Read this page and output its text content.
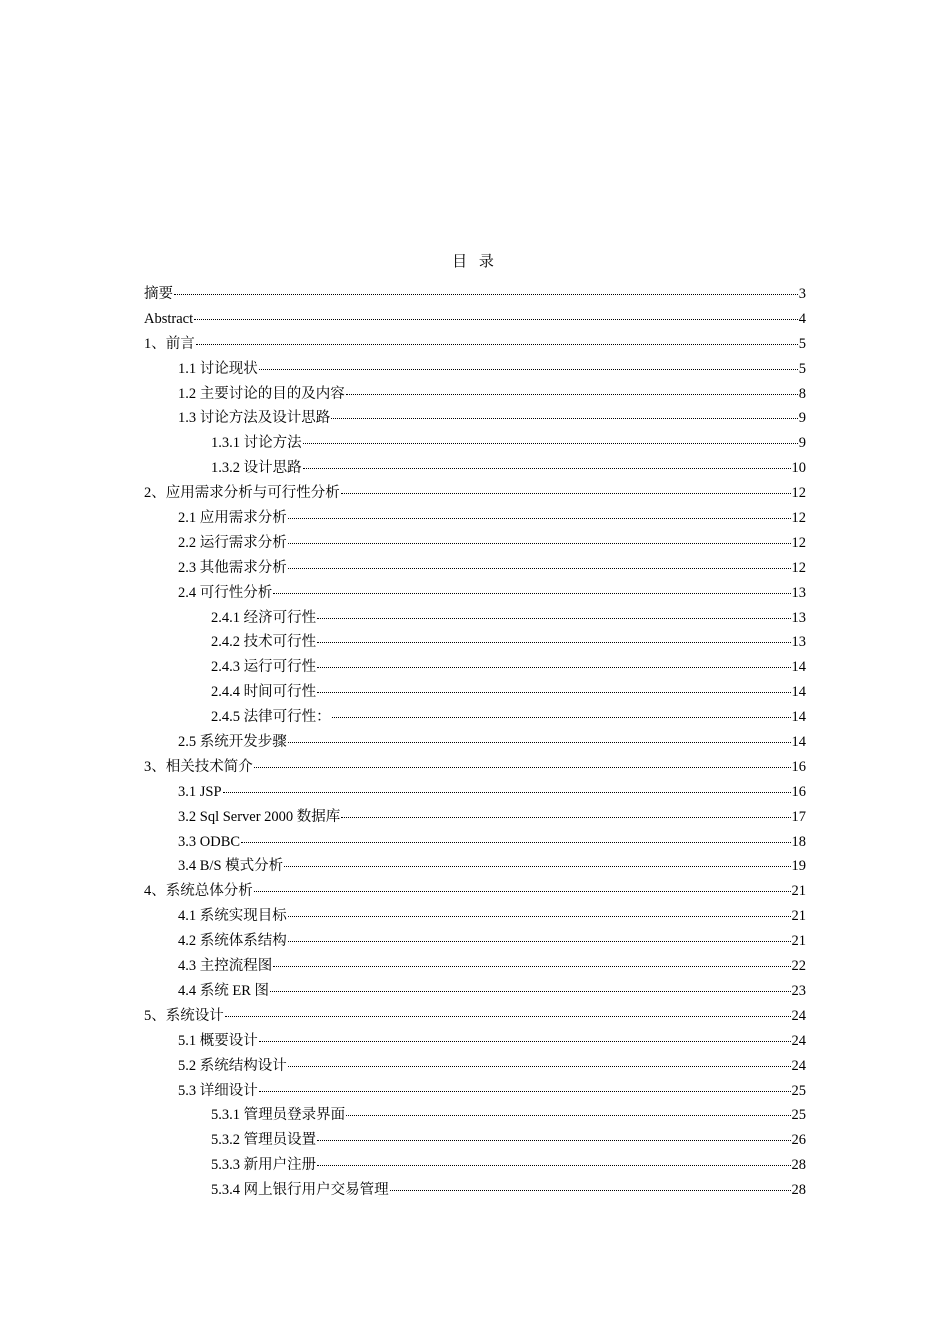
目 录
摘要	3
Abstract	4
1、前言	5
1.1 讨论现状	5
1.2 主要讨论的目的及内容	8
1.3 讨论方法及设计思路	9
1.3.1 讨论方法	9
1.3.2 设计思路	10
2、应用需求分析与可行性分析	12
2.1 应用需求分析	12
2.2 运行需求分析	12
2.3 其他需求分析	12
2.4 可行性分析	13
2.4.1 经济可行性	13
2.4.2 技术可行性	13
2.4.3 运行可行性	14
2.4.4 时间可行性	14
2.4.5 法律可行性：	14
2.5 系统开发步骤	14
3、相关技术简介	16
3.1 JSP	16
3.2 Sql Server 2000 数据库	17
3.3 ODBC	18
3.4 B/S 模式分析	19
4、系统总体分析	21
4.1 系统实现目标	21
4.2 系统体系结构	21
4.3 主控流程图	22
4.4 系统 ER 图	23
5、系统设计	24
5.1 概要设计	24
5.2 系统结构设计	24
5.3 详细设计	25
5.3.1 管理员登录界面	25
5.3.2 管理员设置	26
5.3.3 新用户注册	28
5.3.4 网上银行用户交易管理	28
